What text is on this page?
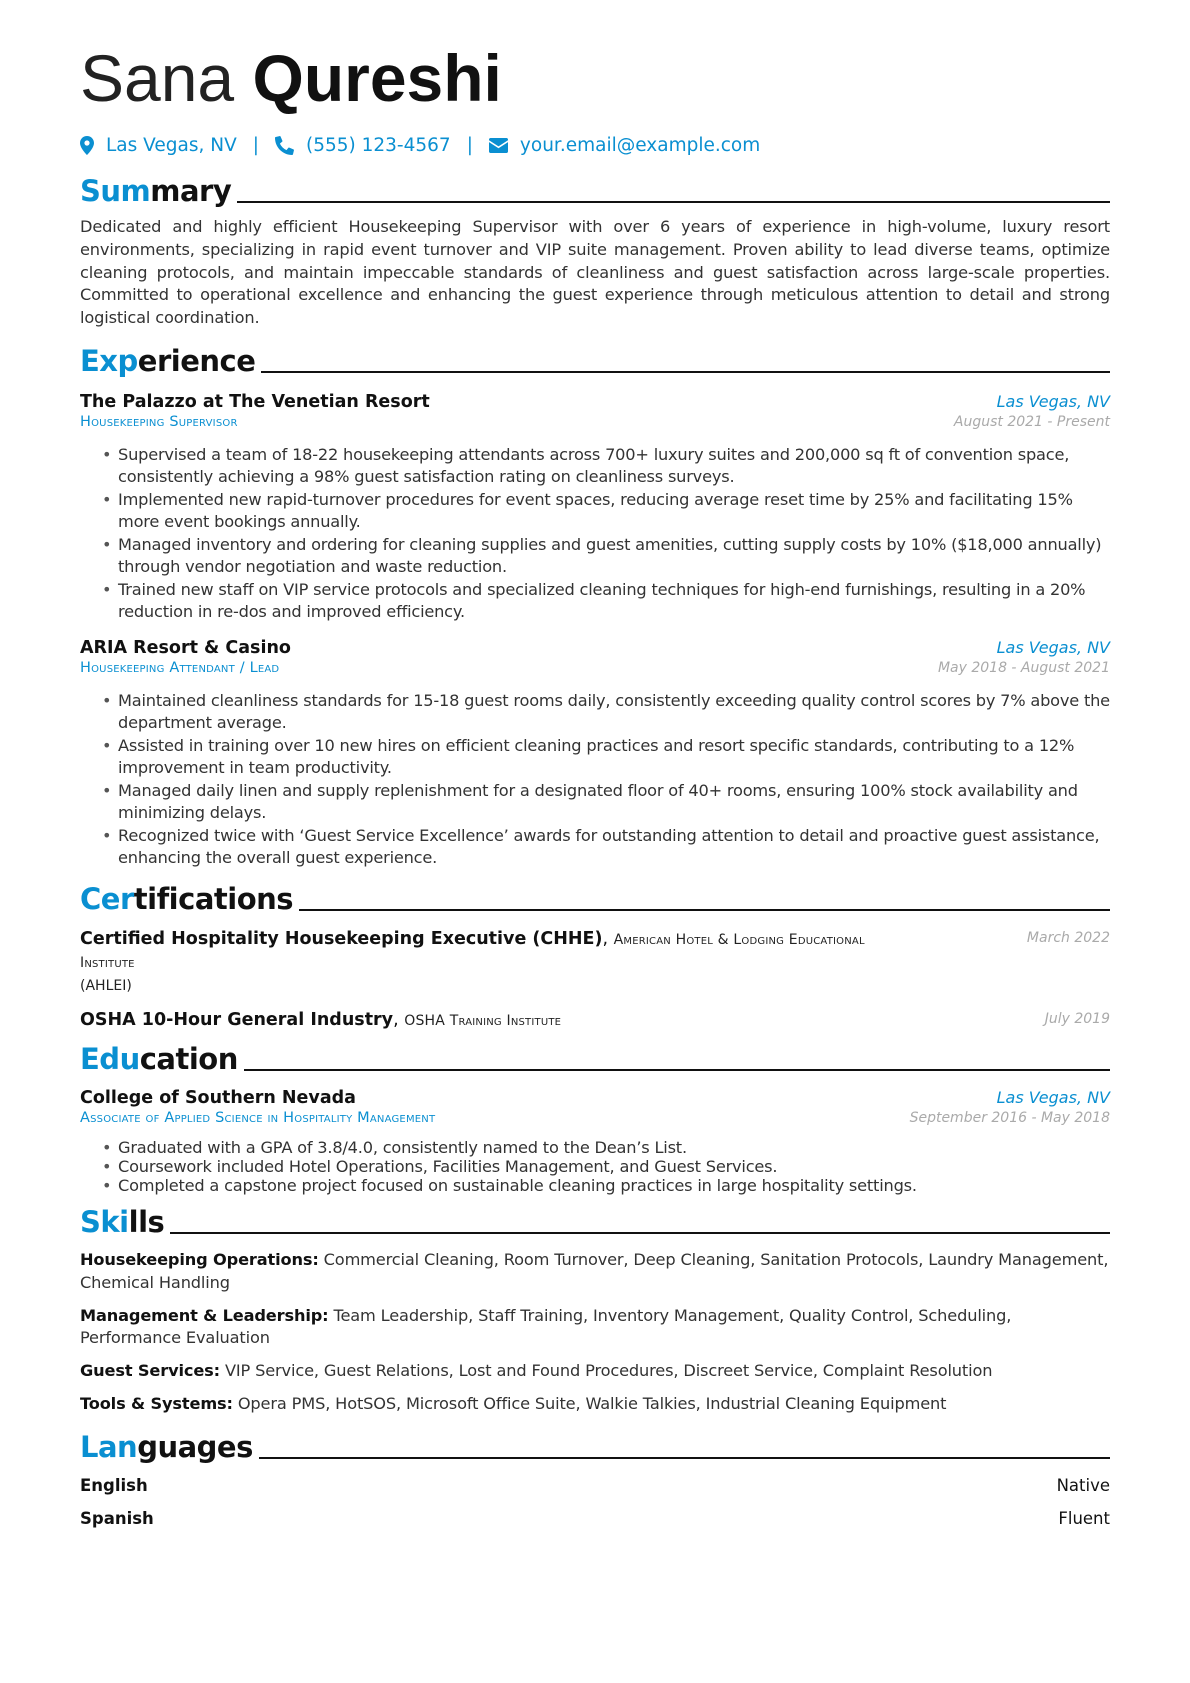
Sana Qureshi
Las Vegas, NV |	(555) 123-4567 |	your.email@example.com
Summary
Dedicated and highly efficient Housekeeping Supervisor with over 6 years of experience in high-volume, luxury resort environments, specializing in rapid event turnover and VIP suite management. Proven ability to lead diverse teams, optimize cleaning protocols, and maintain impeccable standards of cleanliness and guest satisfaction across large-scale properties. Committed to operational excellence and enhancing the guest experience through meticulous attention to detail and strong logistical coordination.
Experience
The Palazzo at The Venetian Resort	Las Vegas, NV
Housekeeping Supervisor	August 2021 - Present
• Supervised a team of 18-22 housekeeping attendants across 700+ luxury suites and 200,000 sq ft of convention space, consistently achieving a 98% guest satisfaction rating on cleanliness surveys.
• Implemented new rapid-turnover procedures for event spaces, reducing average reset time by 25% and facilitating 15% more event bookings annually.
• Managed inventory and ordering for cleaning supplies and guest amenities, cutting supply costs by 10% ($18,000 annually) through vendor negotiation and waste reduction.
• Trained new staff on VIP service protocols and specialized cleaning techniques for high-end furnishings, resulting in a 20% reduction in re-dos and improved efficiency.
ARIA Resort & Casino	Las Vegas, NV
Housekeeping Attendant / Lead	May 2018 - August 2021
• Maintained cleanliness standards for 15-18 guest rooms daily, consistently exceeding quality control scores by 7% above the department average.
• Assisted in training over 10 new hires on efficient cleaning practices and resort specific standards, contributing to a 12% improvement in team productivity.
• Managed daily linen and supply replenishment for a designated floor of 40+ rooms, ensuring 100% stock availability and minimizing delays.
• Recognized twice with ‘Guest Service Excellence’ awards for outstanding attention to detail and proactive guest assistance, enhancing the overall guest experience.
Certifications
Certified Hospitality Housekeeping Executive (CHHE), American Hotel & Lodging Educational Institute
(AHLEI)
March 2022
OSHA 10-Hour General Industry, OSHA Training Institute	July 2019
Education
College of Southern Nevada	Las Vegas, NV
Associate of Applied Science in Hospitality Management	September 2016 - May 2018
• Graduated with a GPA of 3.8/4.0, consistently named to the Dean’s List.
• Coursework included Hotel Operations, Facilities Management, and Guest Services.
• Completed a capstone project focused on sustainable cleaning practices in large hospitality settings.
Skills
Housekeeping Operations: Commercial Cleaning, Room Turnover, Deep Cleaning, Sanitation Protocols, Laundry Management, Chemical Handling
Management & Leadership: Team Leadership, Staff Training, Inventory Management, Quality Control, Scheduling, Performance Evaluation
Guest Services: VIP Service, Guest Relations, Lost and Found Procedures, Discreet Service, Complaint Resolution
Tools & Systems: Opera PMS, HotSOS, Microsoft Office Suite, Walkie Talkies, Industrial Cleaning Equipment
Languages
English	Native
Spanish	Fluent
